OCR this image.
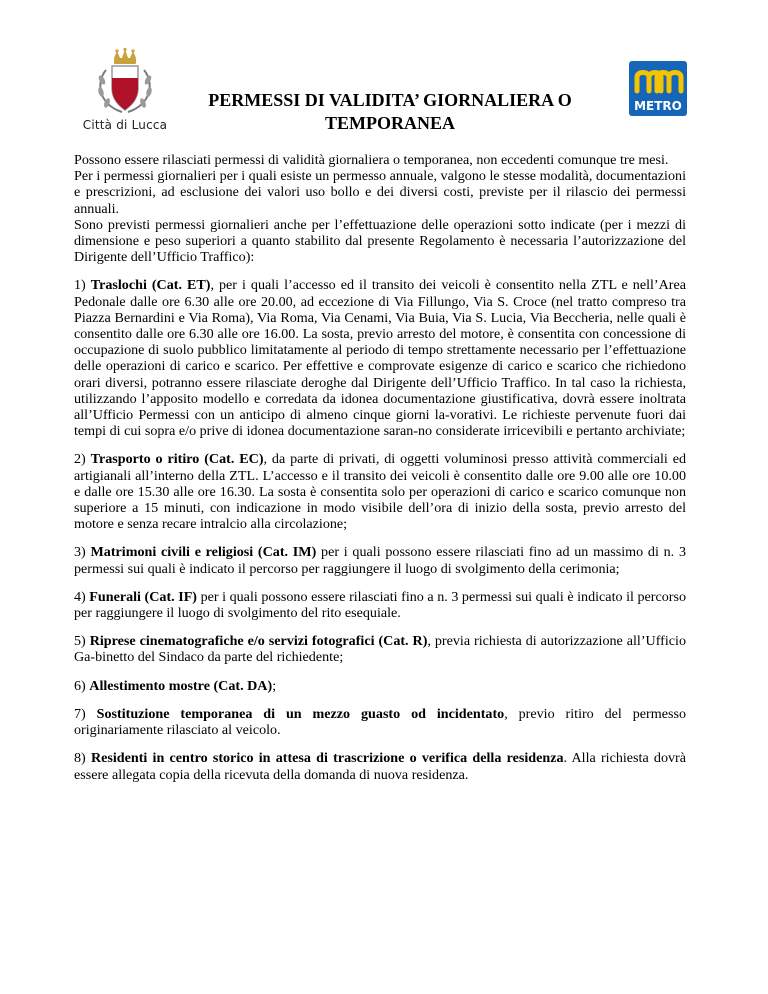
Città di Lucca
METRO
PERMESSI DI VALIDITA’ GIORNALIERA O
TEMPORANEA

Possono essere rilasciati permessi di validità giornaliera o temporanea, non eccedenti comunque tre mesi.

Per i permessi giornalieri per i quali esiste un permesso annuale, valgono le stesse modalità, documentazioni e prescrizioni, ad esclusione dei valori uso bollo e dei diversi costi, previste per il rilascio dei permessi annuali.

Sono previsti permessi giornalieri anche per l’effettuazione delle operazioni sotto indicate (per i mezzi di dimensione e peso superiori a quanto stabilito dal presente Regolamento è necessaria l’autorizzazione del Dirigente dell’Ufficio Traffico):

1) Traslochi (Cat. ET), per i quali l’accesso ed il transito dei veicoli è consentito nella ZTL e nell’Area Pedonale dalle ore 6.30 alle ore 20.00, ad eccezione di Via Fillungo, Via S. Croce (nel tratto compreso tra Piazza Bernardini e Via Roma), Via Roma, Via Cenami, Via Buia, Via S. Lucia, Via Beccheria, nelle quali è consentito dalle ore 6.30 alle ore 16.00. La sosta, previo arresto del motore, è consentita con concessione di occupazione di suolo pubblico limitatamente al periodo di tempo strettamente necessario per l’effettuazione delle operazioni di carico e scarico. Per effettive e comprovate esigenze di carico e scarico che richiedono orari diversi, potranno essere rilasciate deroghe dal Dirigente dell’Ufficio Traffico. In tal caso la richiesta, utilizzando l’apposito modello e corredata da idonea documentazione giustificativa, dovrà essere inoltrata all’Ufficio Permessi con un anticipo di almeno cinque giorni la-vorativi. Le richieste pervenute fuori dai tempi di cui sopra e/o prive di idonea documentazione saran-no considerate irricevibili e pertanto archiviate;

2) Trasporto o ritiro (Cat. EC), da parte di privati, di oggetti voluminosi presso attività commerciali ed artigianali all’interno della ZTL. L’accesso e il transito dei veicoli è consentito dalle ore 9.00 alle ore 10.00 e dalle ore 15.30 alle ore 16.30. La sosta è consentita solo per operazioni di carico e scarico comunque non superiore a 15 minuti, con indicazione in modo visibile dell’ora di inizio della sosta, previo arresto del motore e senza recare intralcio alla circolazione;

3) Matrimoni civili e religiosi (Cat. IM) per i quali possono essere rilasciati fino ad un massimo di n. 3 permessi sui quali è indicato il percorso per raggiungere il luogo di svolgimento della cerimonia;

4) Funerali (Cat. IF) per i quali possono essere rilasciati fino a n. 3 permessi sui quali è indicato il percorso per raggiungere il luogo di svolgimento del rito esequiale.

5) Riprese cinematografiche e/o servizi fotografici (Cat. R), previa richiesta di autorizzazione all’Ufficio Ga-binetto del Sindaco da parte del richiedente;

6) Allestimento mostre (Cat. DA);

7) Sostituzione temporanea di un mezzo guasto od incidentato, previo ritiro del permesso originariamente rilasciato al veicolo.

8) Residenti in centro storico in attesa di trascrizione o verifica della residenza. Alla richiesta dovrà essere allegata copia della ricevuta della domanda di nuova residenza.
